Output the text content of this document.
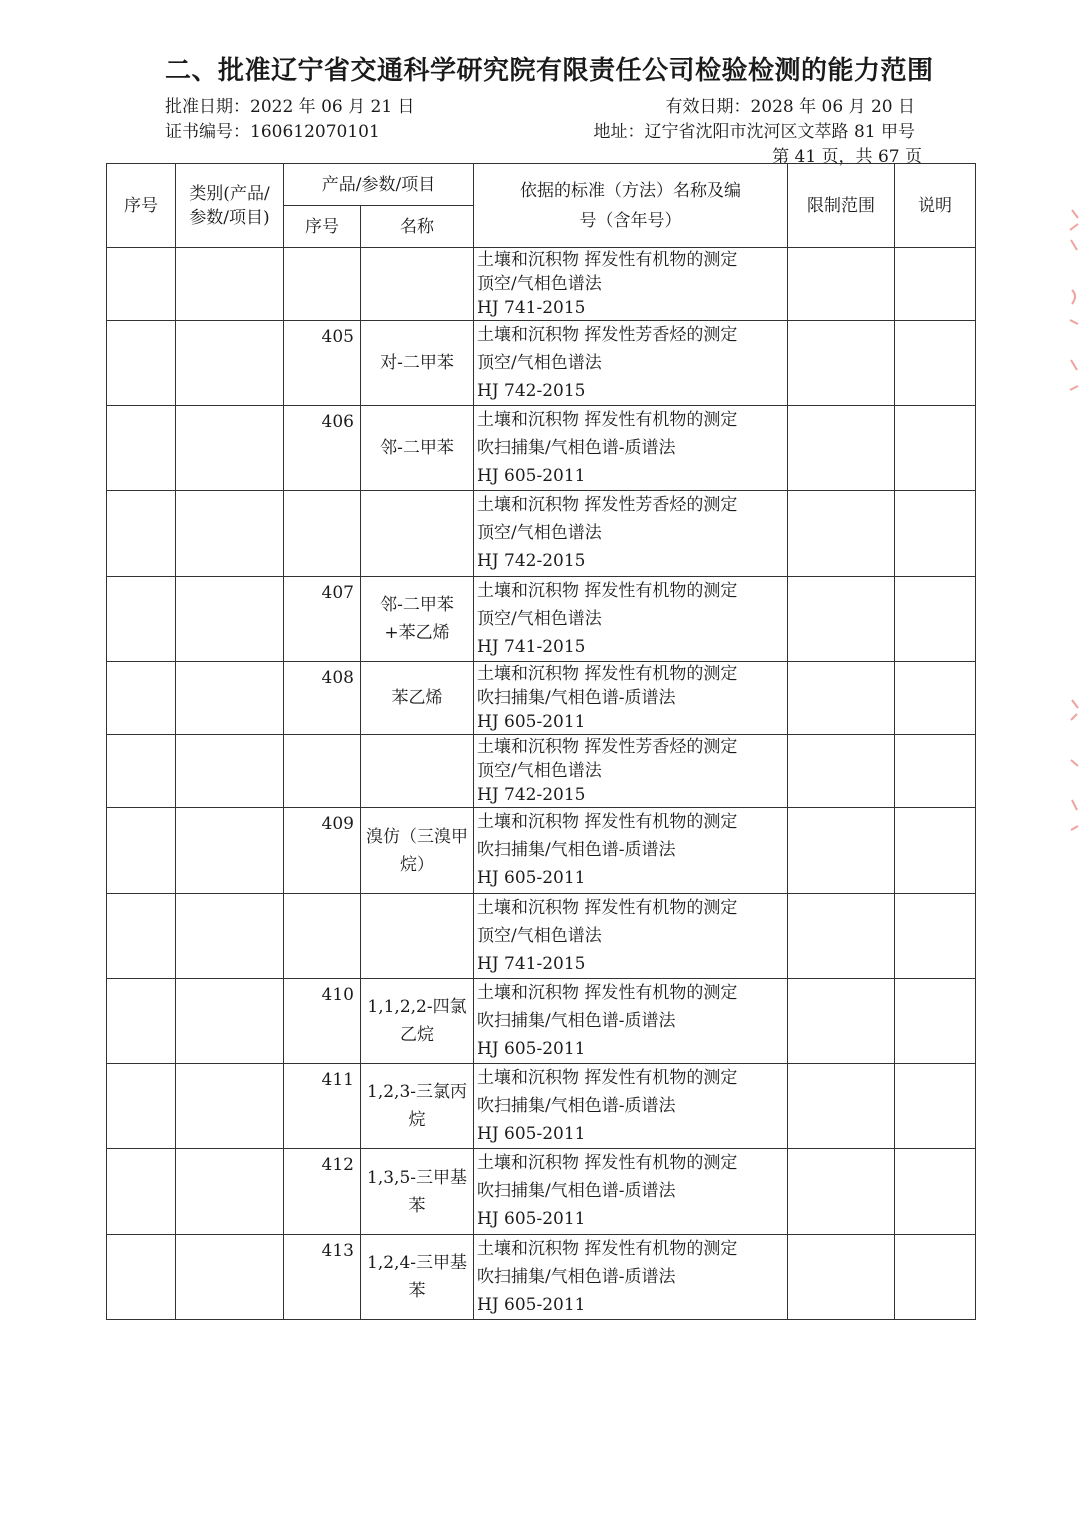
二、批准辽宁省交通科学研究院有限责任公司检验检测的能力范围
批准日期：2022 年 06 月 21 日	有效日期：2028 年 06 月 20 日
证书编号：160612070101	地址：辽宁省沈阳市沈河区文萃路 81 甲号
第 41 页，共 67 页
序号	类别(产品/参数/项目)	产品/参数/项目		依据的标准（方法）名称及编号（含年号）	限制范围	说明
		序号	名称			

				土壤和沉积物 挥发性有机物的测定
顶空/气相色谱法
HJ 741-2015		

		405	对-二甲苯	土壤和沉积物 挥发性芳香烃的测定
顶空/气相色谱法
HJ 742-2015		

		406	邻-二甲苯	土壤和沉积物 挥发性有机物的测定
吹扫捕集/气相色谱-质谱法
HJ 605-2011		

				土壤和沉积物 挥发性芳香烃的测定
顶空/气相色谱法
HJ 742-2015		

		407	邻-二甲苯+苯乙烯	土壤和沉积物 挥发性有机物的测定
顶空/气相色谱法
HJ 741-2015		

		408	苯乙烯	土壤和沉积物 挥发性有机物的测定
吹扫捕集/气相色谱-质谱法
HJ 605-2011		

				土壤和沉积物 挥发性芳香烃的测定
顶空/气相色谱法
HJ 742-2015		

		409	溴仿（三溴甲烷）	土壤和沉积物 挥发性有机物的测定
吹扫捕集/气相色谱-质谱法
HJ 605-2011		

				土壤和沉积物 挥发性有机物的测定
顶空/气相色谱法
HJ 741-2015		

		410	1,1,2,2-四氯乙烷	土壤和沉积物 挥发性有机物的测定
吹扫捕集/气相色谱-质谱法
HJ 605-2011		

		411	1,2,3-三氯丙烷	土壤和沉积物 挥发性有机物的测定
吹扫捕集/气相色谱-质谱法
HJ 605-2011		

		412	1,3,5-三甲基苯	土壤和沉积物 挥发性有机物的测定
吹扫捕集/气相色谱-质谱法
HJ 605-2011		

		413	1,2,4-三甲基苯	土壤和沉积物 挥发性有机物的测定
吹扫捕集/气相色谱-质谱法
HJ 605-2011		
